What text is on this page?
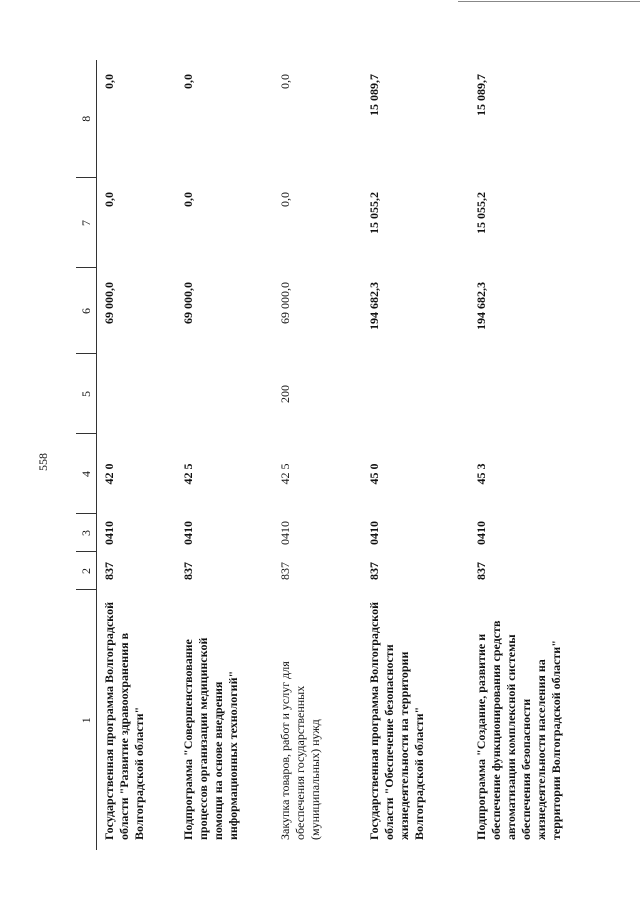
558
1	2	3	4	5	6	7	8
Государственная программа Волгоградской области "Развитие здравоохранения в Волгоградской области"	837	0410	42 0		69 000,0	0,0	0,0
Подпрограмма "Совершенствование процессов организации медицинской помощи на основе внедрения информационных технологий"	837	0410	42 5		69 000,0	0,0	0,0
Закупка товаров, работ и услуг для обеспечения государственных (муниципальных) нужд	837	0410	42 5	200	69 000,0	0,0	0,0
Государственная программа Волгоградской области "Обеспечение безопасности жизнедеятельности на территории Волгоградской области"	837	0410	45 0		194 682,3	15 055,2	15 089,7
Подпрограмма "Создание, развитие и обеспечение функционирования средств автоматизации комплексной системы обеспечения безопасности жизнедеятельности населения на территории Волгоградской области"	837	0410	45 3		194 682,3	15 055,2	15 089,7
